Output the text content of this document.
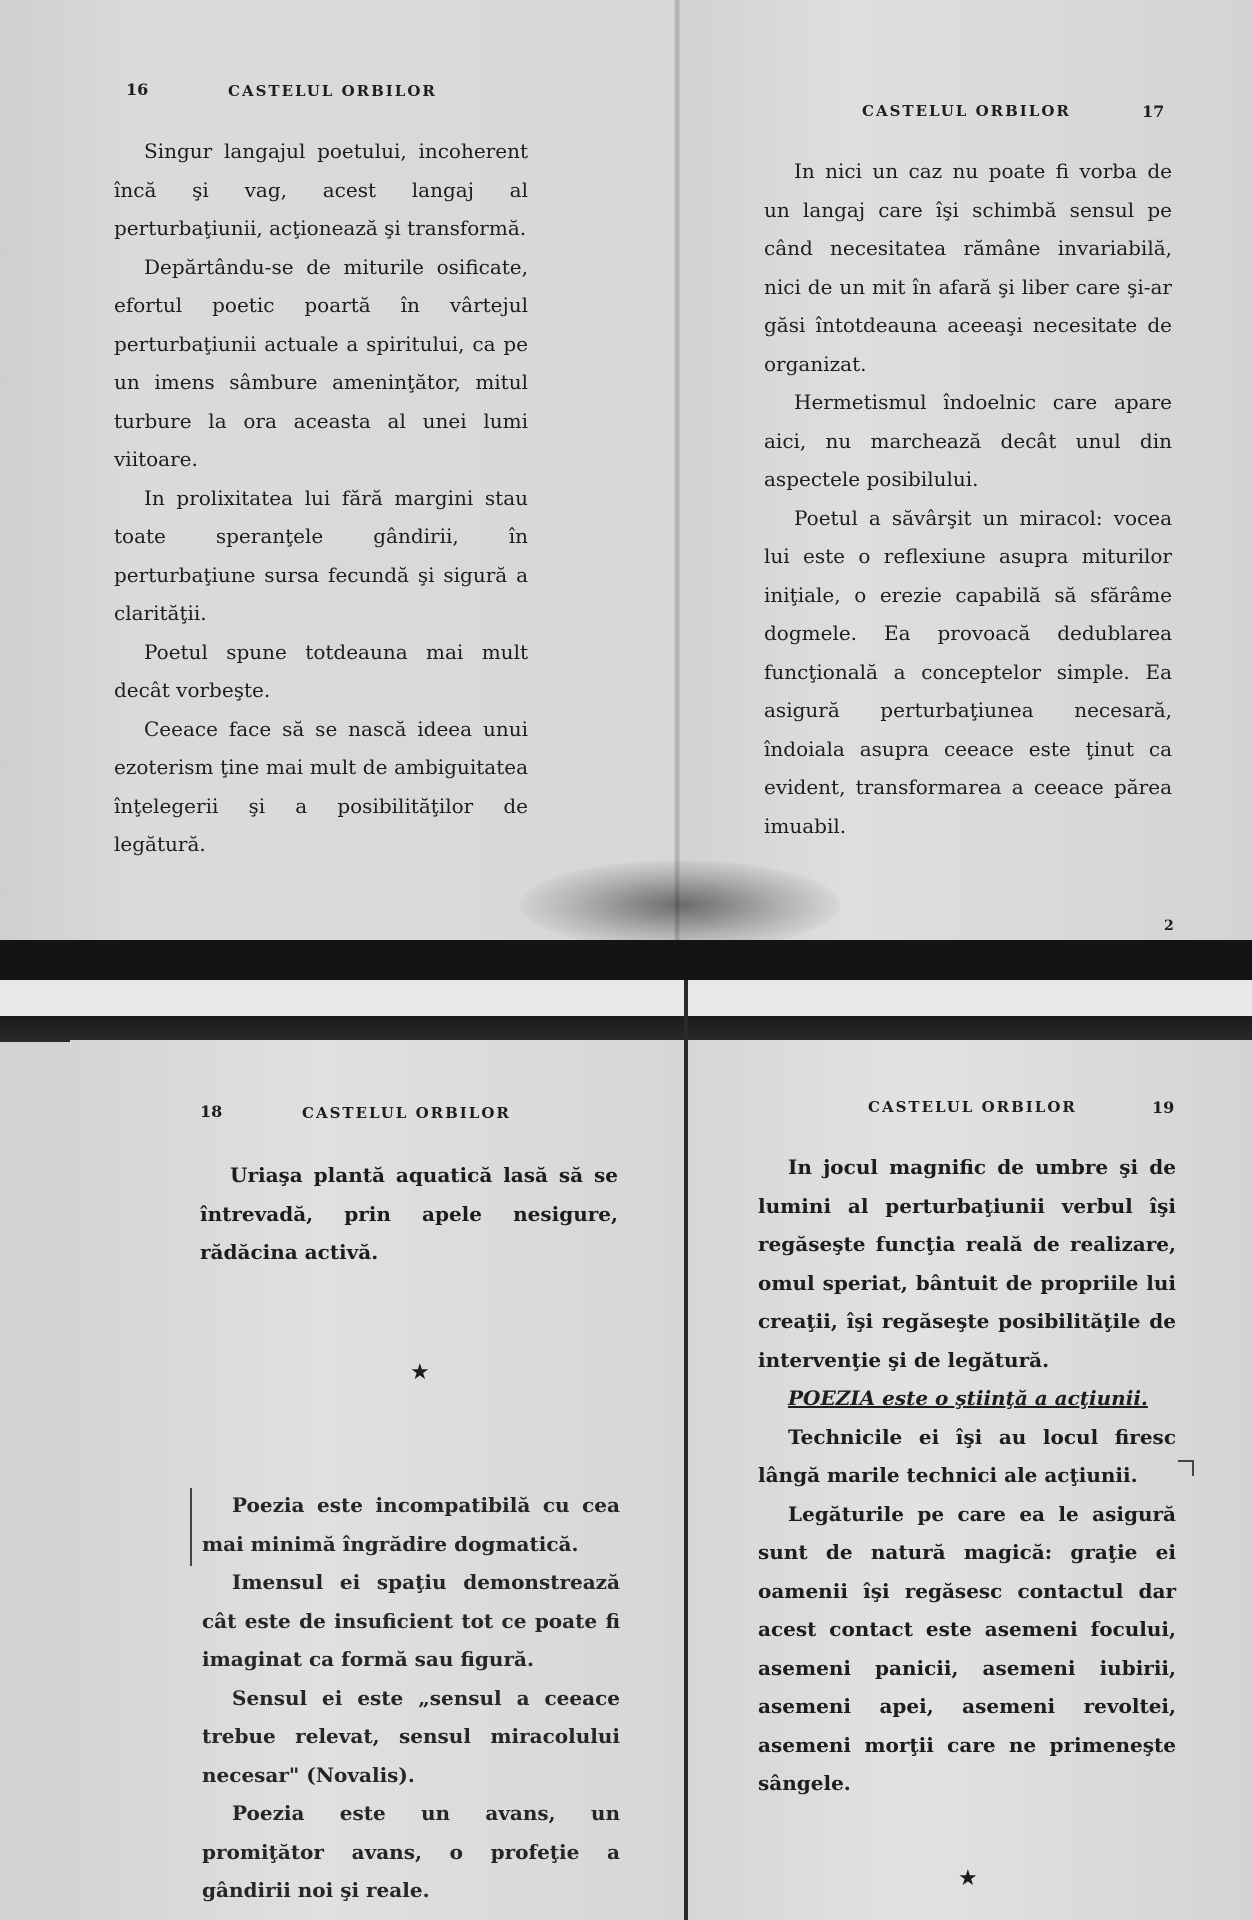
16	CASTELUL ORBILOR

Singur langajul poetului, incoherent încă şi vag, acest langaj al perturbaţiunii, acţionează şi transformă.

Depărtându-se de miturile osificate, efortul poetic poartă în vârtejul perturbaţiunii actuale a spiritului, ca pe un imens sâmbure ameninţător, mitul turbure la ora aceasta al unei lumi viitoare.

In prolixitatea lui fără margini stau toate speranţele gândirii, în perturbaţiune sursa fecundă şi sigură a clarităţii.

Poetul spune totdeauna mai mult decât vorbeşte.

Ceeace face să se nască ideea unui ezoterism ţine mai mult de ambiguitatea înţelegerii şi a posibilităţilor de legătură.

CASTELUL ORBILOR	17

In nici un caz nu poate fi vorba de un langaj care îşi schimbă sensul pe când necesitatea rămâne invariabilă, nici de un mit în afară şi liber care şi-ar găsi întotdeauna aceeaşi necesitate de organizat.

Hermetismul îndoelnic care apare aici, nu marchează decât unul din aspectele posibilului.

Poetul a săvârşit un miracol: vocea lui este o reflexiune asupra miturilor iniţiale, o erezie capabilă să sfărâme dogmele. Ea provoacă dedublarea funcţională a conceptelor simple. Ea asigură perturbaţiunea necesară, îndoiala asupra ceeace este ţinut ca evident, transformarea a ceeace părea imuabil.

2
18	CASTELUL ORBILOR

Uriaşa plantă aquatică lasă să se întrevadă, prin apele nesigure, rădăcina activă.

★

Poezia este incompatibilă cu cea mai minimă îngrădire dogmatică.

Imensul ei spaţiu demonstrează cât este de insuficient tot ce poate fi imaginat ca formă sau figură.

Sensul ei este „sensul a ceeace trebue relevat, sensul miracolului necesar" (Novalis).

Poezia este un avans, un promiţător avans, o profeţie a gândirii noi şi reale.

CASTELUL ORBILOR	19

In jocul magnific de umbre şi de lumini al perturbaţiunii verbul îşi regăseşte funcţia reală de realizare, omul speriat, bântuit de propriile lui creaţii, îşi regăseşte posibilităţile de intervenţie şi de legătură.

POEZIA este o ştiinţă a acţiunii.

Technicile ei îşi au locul firesc lângă marile technici ale acţiunii.

Legăturile pe care ea le asigură sunt de natură magică: graţie ei oamenii îşi regăsesc contactul dar acest contact este asemeni focului, asemeni panicii, asemeni iubirii, asemeni apei, asemeni revoltei, asemeni morţii care ne primeneşte sângele.

★
